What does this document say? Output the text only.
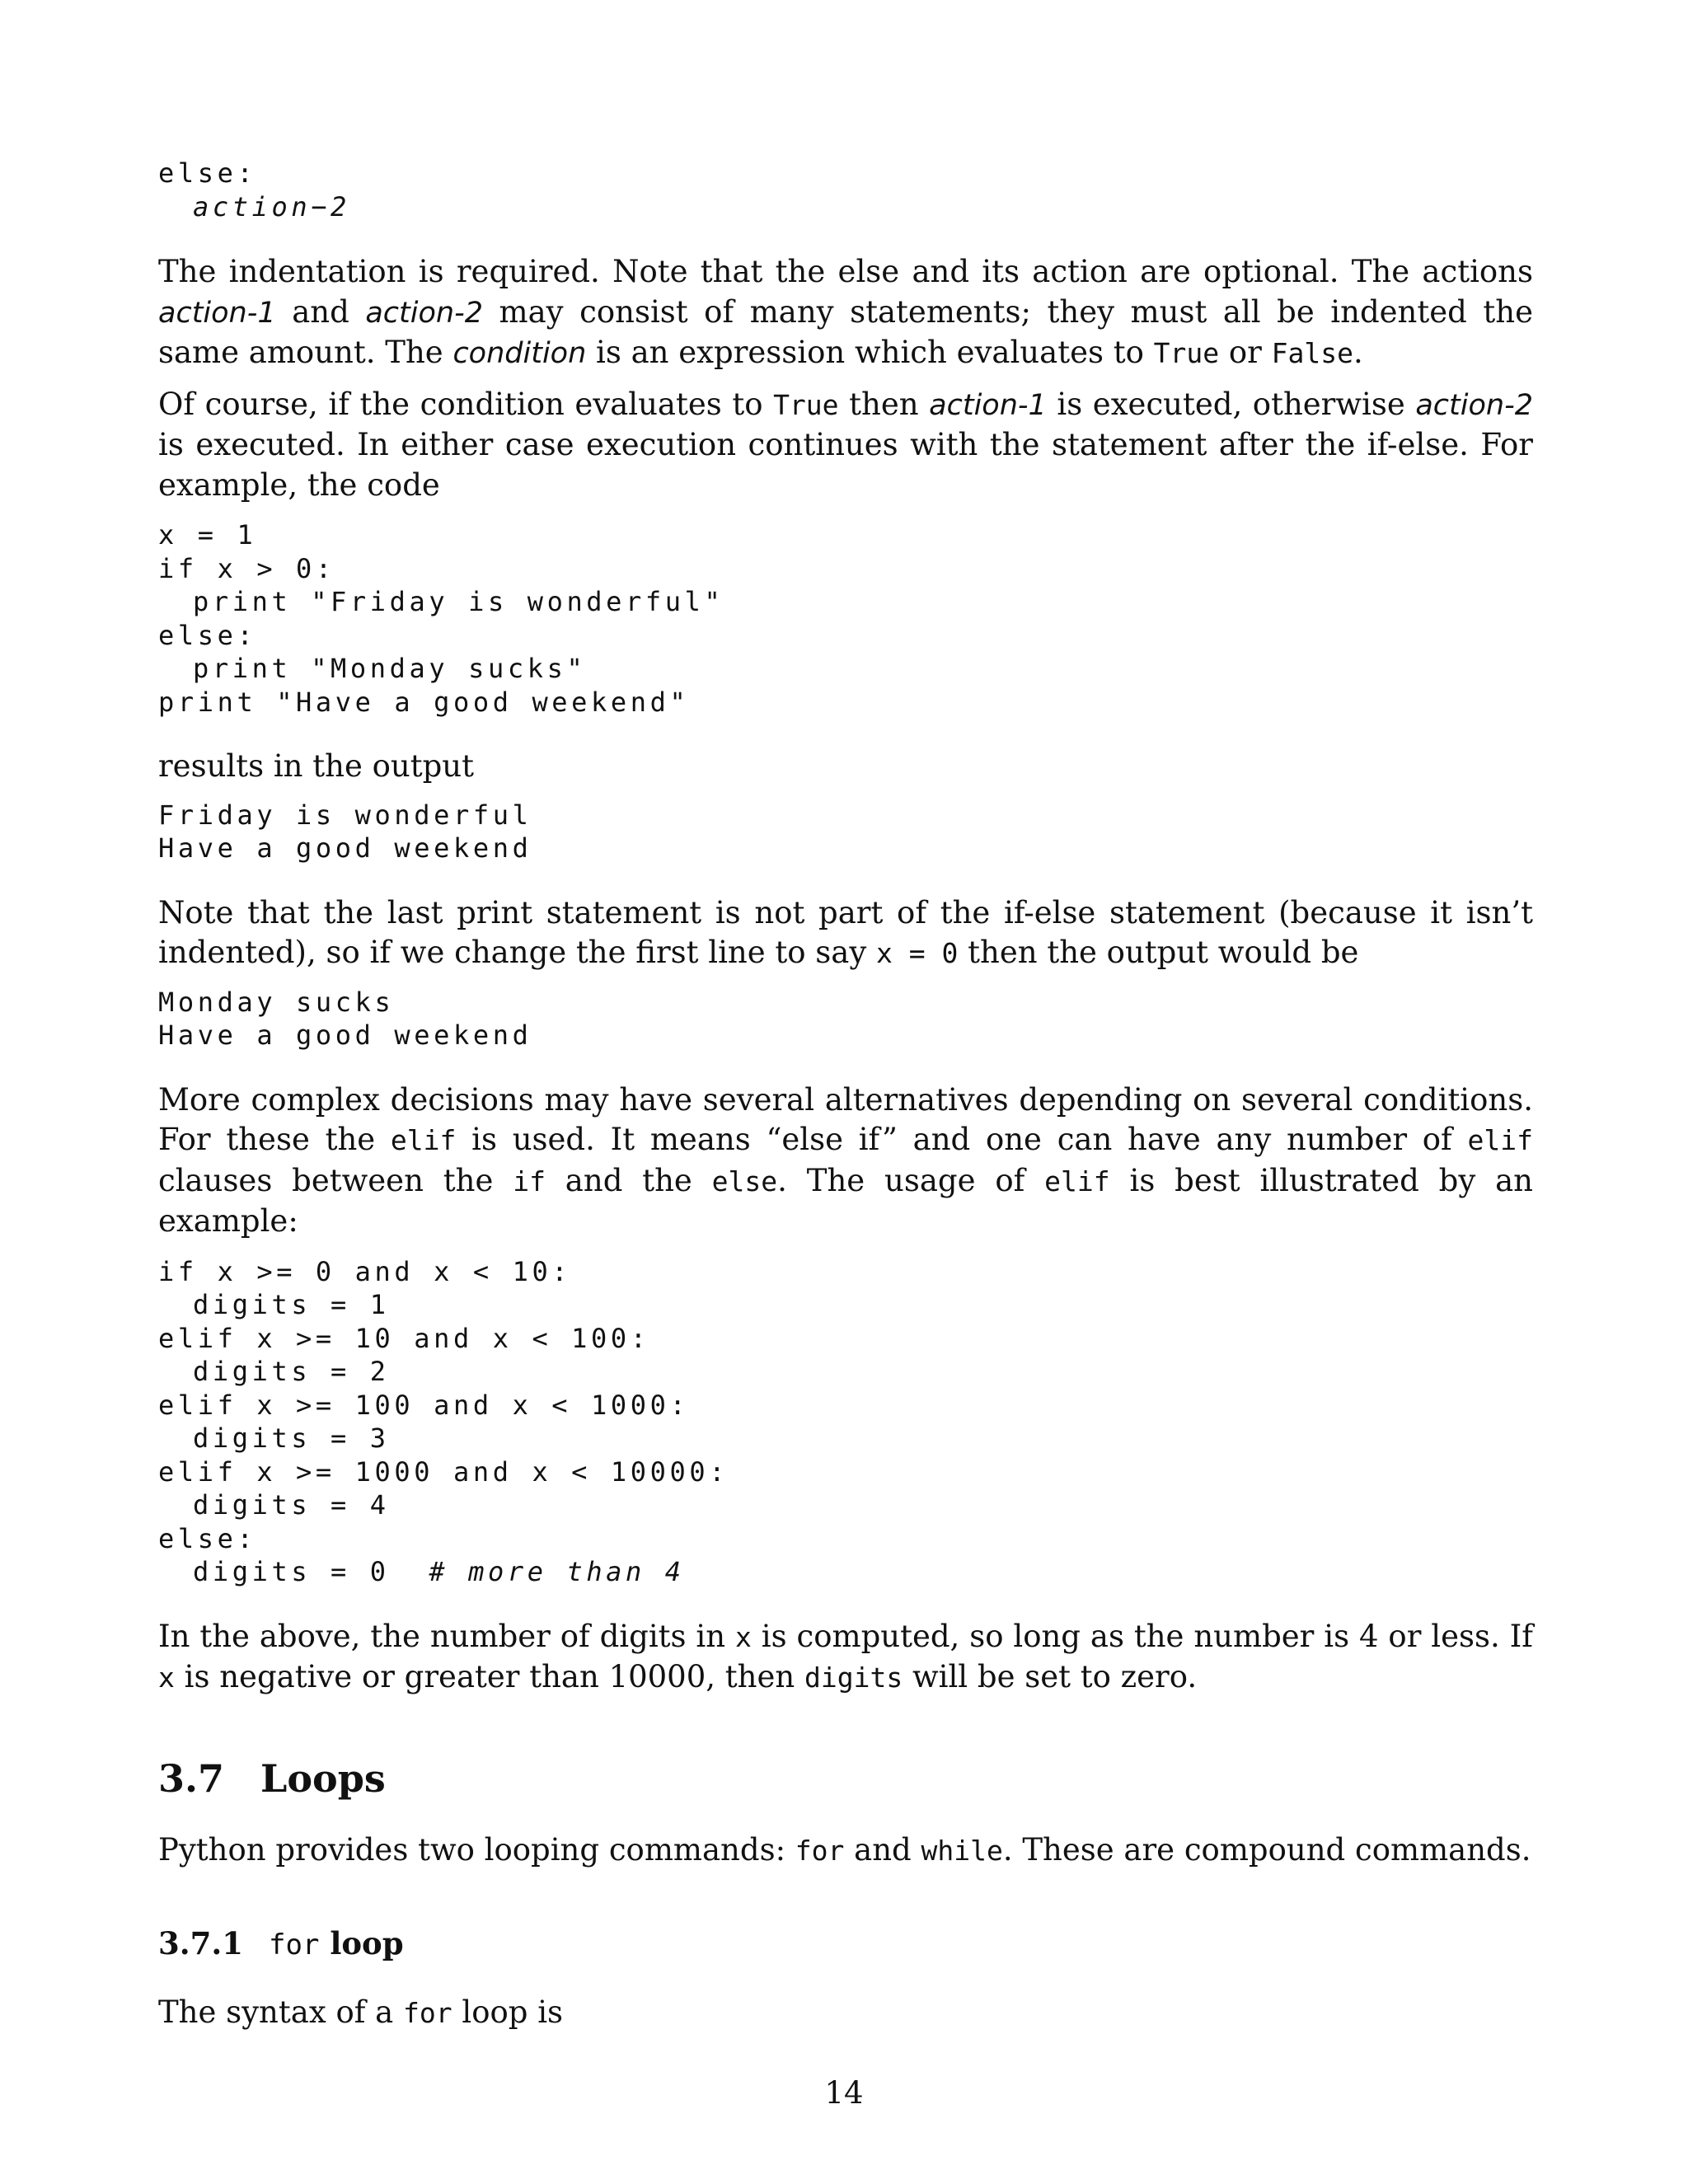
else:
action−2

The indentation is required. Note that the else and its action are optional. The actions action-1 and action-2 may consist of many statements; they must all be indented the same amount. The condition is an expression which evaluates to True or False.

Of course, if the condition evaluates to True then action-1 is executed, otherwise action-2 is executed. In either case execution continues with the statement after the if-else. For example, the code

x = 1
if x > 0:
print "Friday is wonderful"
else:
print "Monday sucks"
print "Have a good weekend"

results in the output

Friday is wonderful
Have a good weekend

Note that the last print statement is not part of the if-else statement (because it isn’t indented), so if we change the first line to say x = 0 then the output would be

Monday sucks
Have a good weekend

More complex decisions may have several alternatives depending on several conditions. For these the elif is used. It means “else if” and one can have any number of elif clauses between the if and the else. The usage of elif is best illustrated by an example:

if x >= 0 and x < 10:
digits = 1
elif x >= 10 and x < 100:
digits = 2
elif x >= 100 and x < 1000:
digits = 3
elif x >= 1000 and x < 10000:
digits = 4
else:
digits = 0 # more than 4

In the above, the number of digits in x is computed, so long as the number is 4 or less. If x is negative or greater than 10000, then digits will be set to zero.

3.7 Loops

Python provides two looping commands: for and while. These are compound commands.

3.7.1 for loop

The syntax of a for loop is

14
